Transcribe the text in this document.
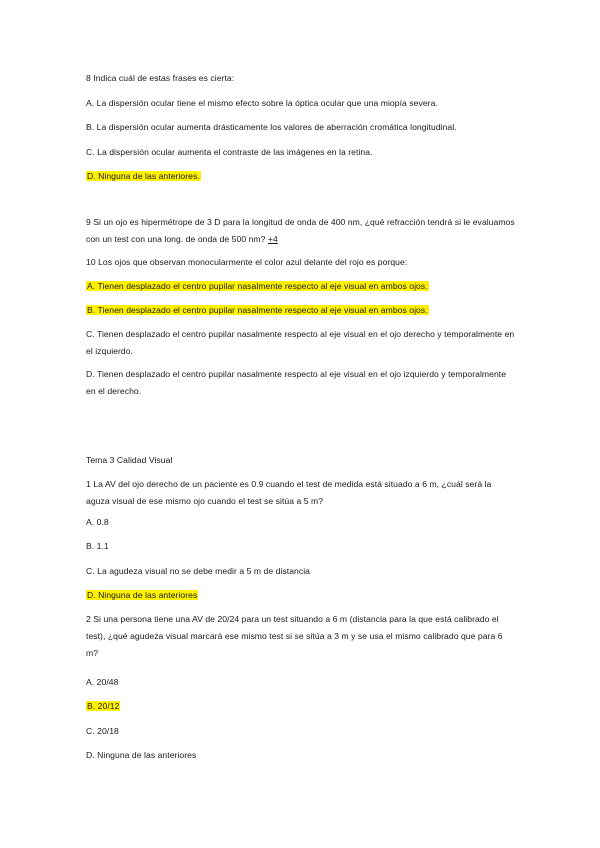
8 Indica cuál de estas frases es cierta:
A. La dispersión ocular tiene el mismo efecto sobre la óptica ocular que una miopía severa.
B. La dispersión ocular aumenta drásticamente los valores de aberración cromática longitudinal.
C. La dispersión ocular aumenta el contraste de las imágenes en la retina.
D. Ninguna de las anteriores.
9 Si un ojo es hipermétrope de 3 D para la longitud de onda de 400 nm, ¿qué refracción tendrá si le evaluamos con un test con una long. de onda de 500 nm? +4
10 Los ojos que observan monocularmente el color azul delante del rojo es porque:
A. Tienen desplazado el centro pupilar nasalmente respecto al eje visual en ambos ojos.
B. Tienen desplazado el centro pupilar nasalmente respecto al eje visual en ambos ojos.
C. Tienen desplazado el centro pupilar nasalmente respecto al eje visual en el ojo derecho y temporalmente en el izquierdo.
D. Tienen desplazado el centro pupilar nasalmente respecto al eje visual en el ojo izquierdo y temporalmente en el derecho.
Tema 3 Calidad Visual
1 La AV del ojo derecho de un paciente es 0.9 cuando el test de medida está situado a 6 m, ¿cuál será la aguza visual de ese mismo ojo cuando el test se sitúa a 5 m?
A. 0.8
B. 1.1
C. La agudeza visual no se debe medir a 5 m de distancia
D. Ninguna de las anteriores
2 Si una persona tiene una AV de 20/24 para un test situando a 6 m (distancia para la que está calibrado el test), ¿qué agudeza visual marcará ese mismo test si se sitúa a 3 m y se usa el mismo calibrado que para 6 m?
A. 20/48
B. 20/12
C. 20/18
D. Ninguna de las anteriores
